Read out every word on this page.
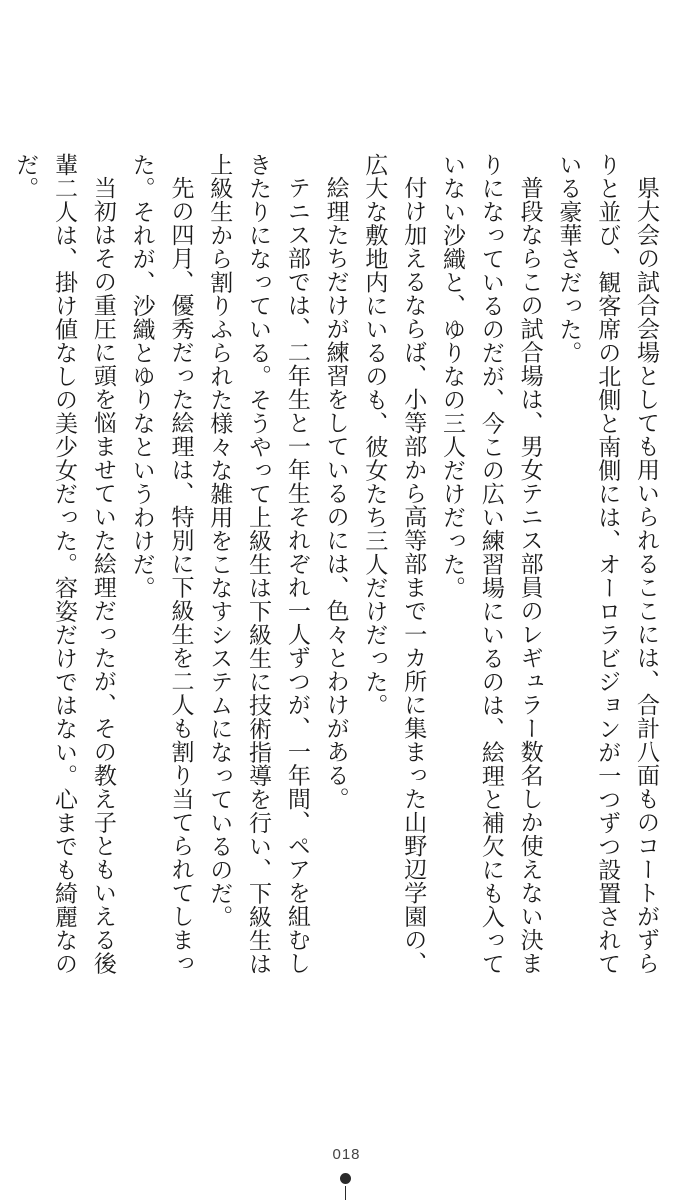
県大会の試合会場としても用いられるここには、合計八面ものコートがずらりと並び、観客席の北側と南側には、オーロラビジョンが一つずつ設置されている豪華さだった。

普段ならこの試合場は、男女テニス部員のレギュラー数名しか使えない決まりになっているのだが、今この広い練習場にいるのは、絵理と補欠にも入っていない沙織と、ゆりなの三人だけだった。

付け加えるならば、小等部から高等部まで一カ所に集まった山野辺学園の、広大な敷地内にいるのも、彼女たち三人だけだった。

絵理たちだけが練習をしているのには、色々とわけがある。

テニス部では、二年生と一年生それぞれ一人ずつが、一年間、ペアを組むしきたりになっている。そうやって上級生は下級生に技術指導を行い、下級生は上級生から割りふられた様々な雑用をこなすシステムになっているのだ。

先の四月、優秀だった絵理は、特別に下級生を二人も割り当てられてしまった。それが、沙織とゆりなというわけだ。

当初はその重圧に頭を悩ませていた絵理だったが、その教え子ともいえる後輩二人は、掛け値なしの美少女だった。容姿だけではない。心までも綺麗なのだ。

018
